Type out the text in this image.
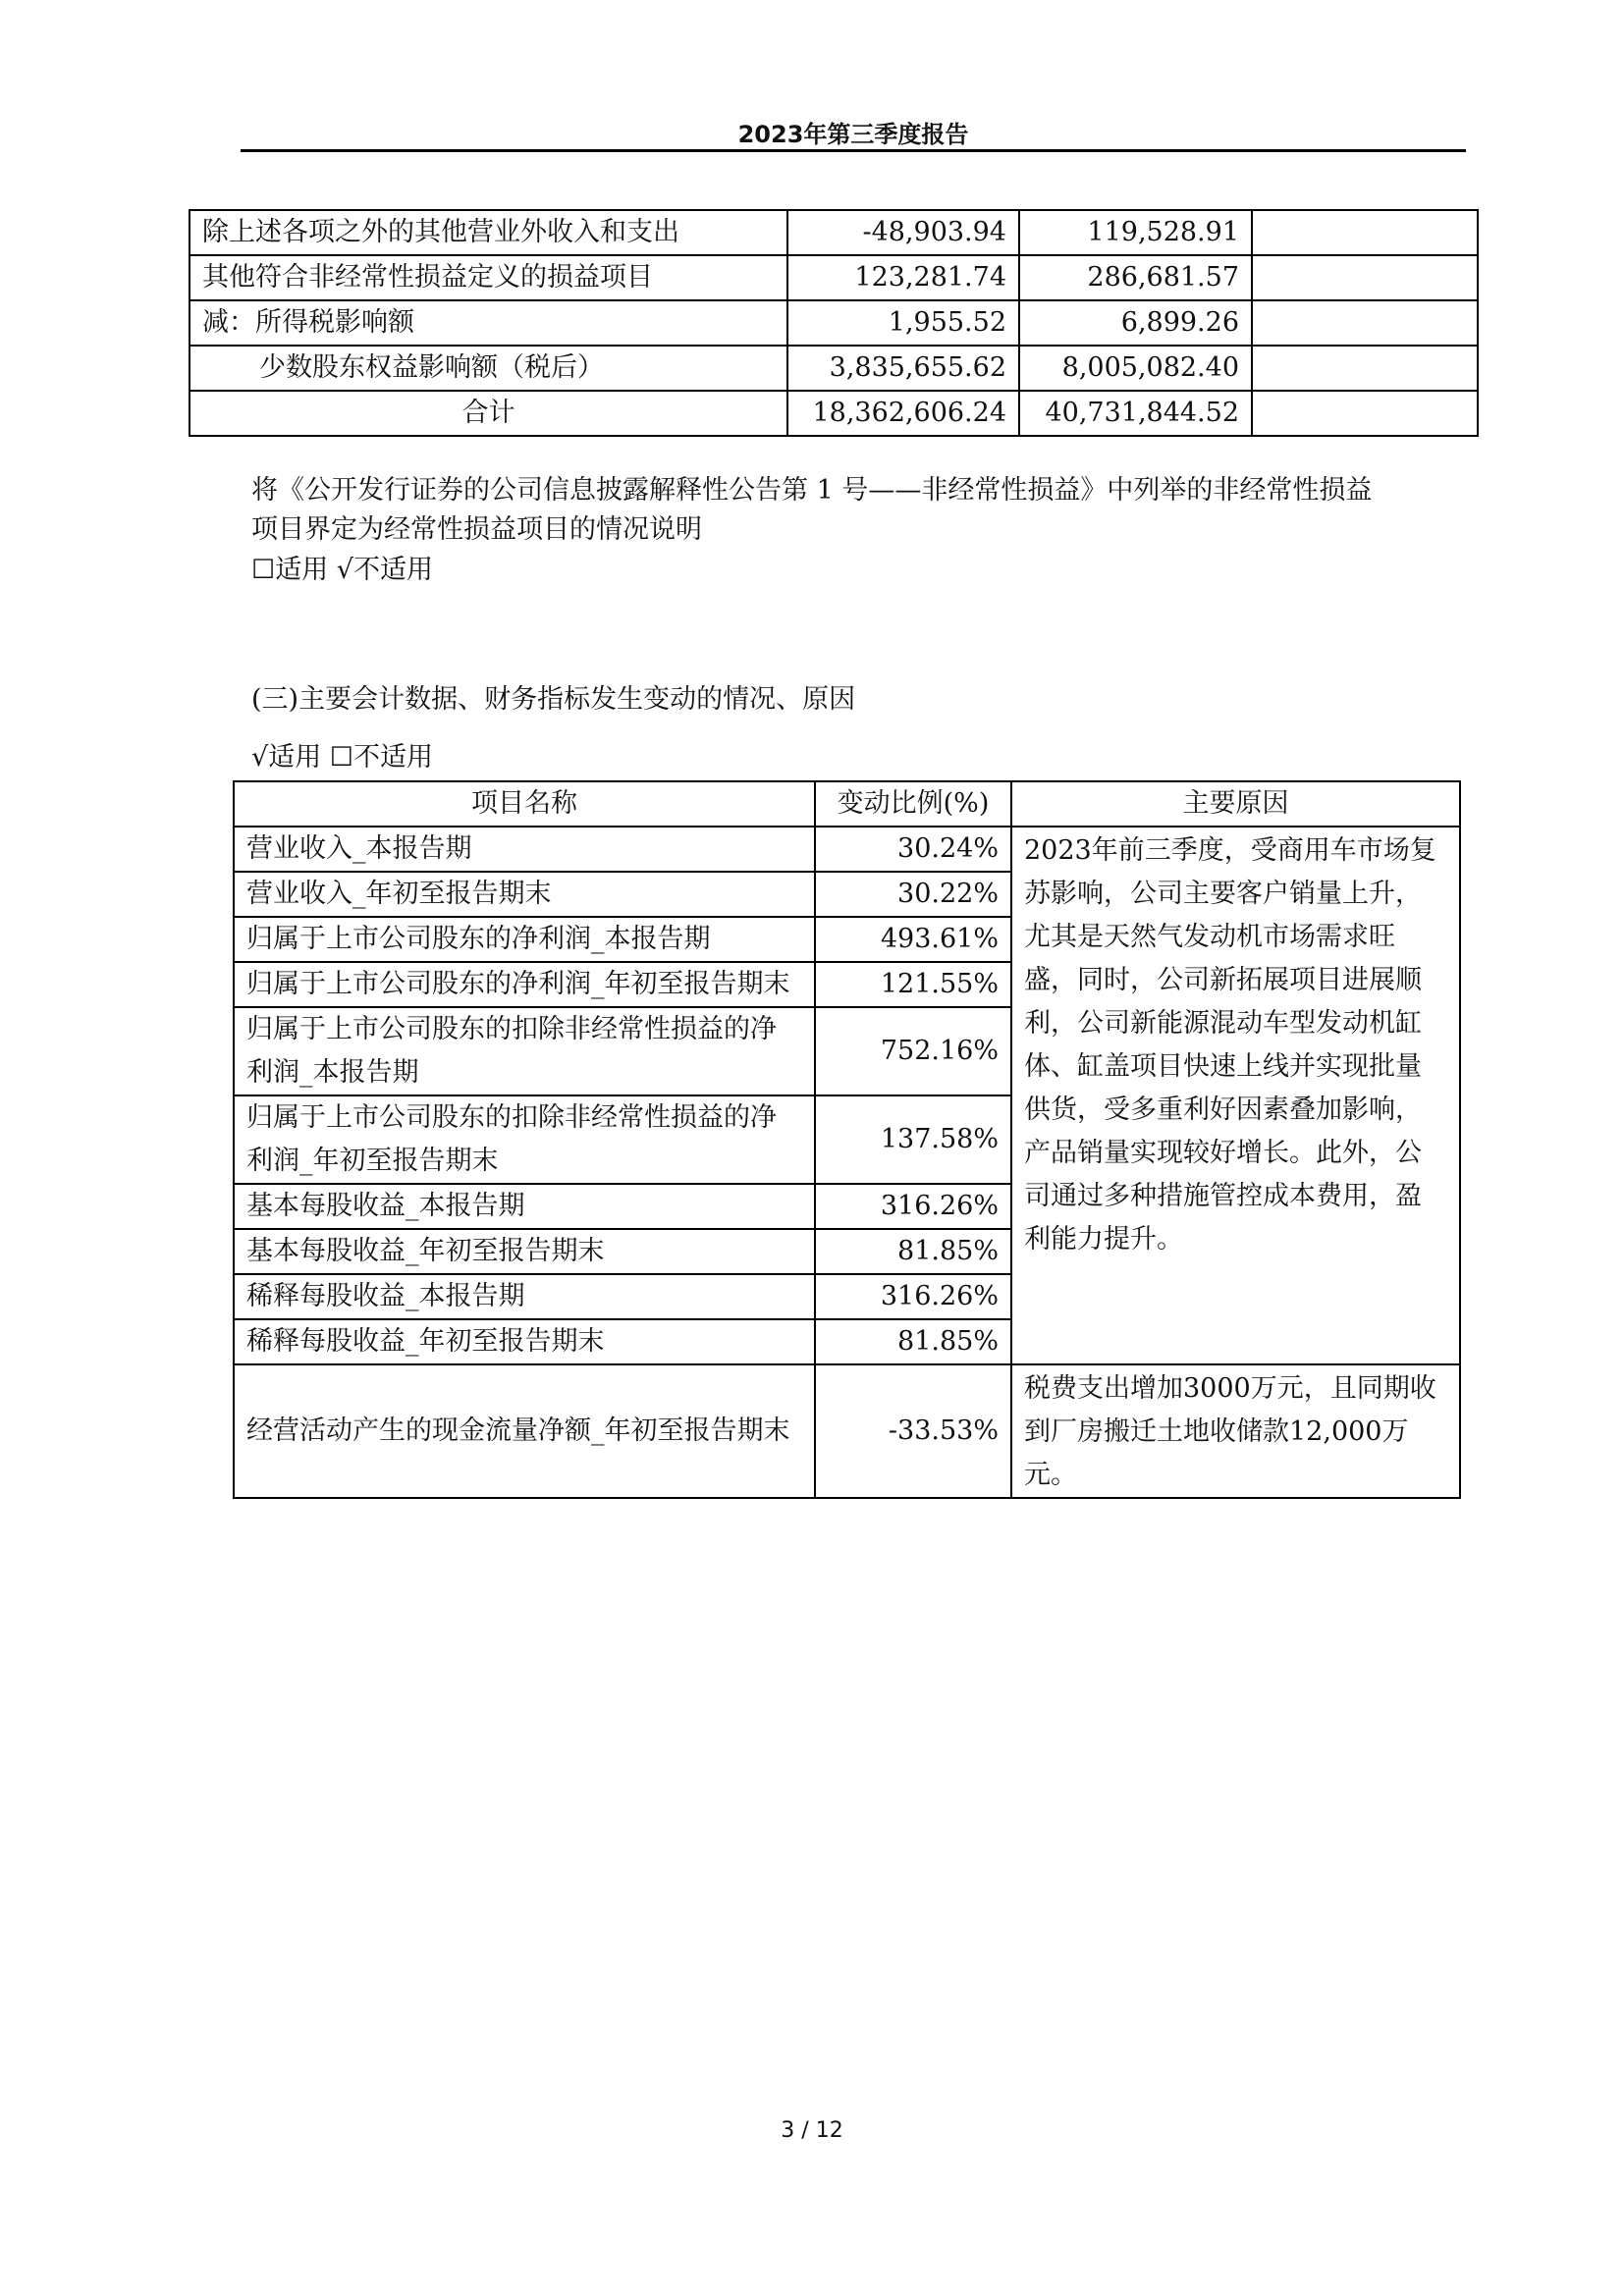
2023年第三季度报告
除上述各项之外的其他营业外收入和支出	-48,903.94	119,528.91	
其他符合非经常性损益定义的损益项目	123,281.74	286,681.57	
减：所得税影响额	1,955.52	6,899.26	
少数股东权益影响额（税后）	3,835,655.62	8,005,082.40	
合计	18,362,606.24	40,731,844.52	
将《公开发行证券的公司信息披露解释性公告第 1 号——非经常性损益》中列举的非经常性损益
项目界定为经常性损益项目的情况说明
☐适用 √不适用
(三)主要会计数据、财务指标发生变动的情况、原因
√适用 ☐不适用
项目名称	变动比例(%)	主要原因
营业收入_本报告期	30.24%	2023年前三季度，受商用车市场复苏影响，公司主要客户销量上升，尤其是天然气发动机市场需求旺盛，同时，公司新拓展项目进展顺利，公司新能源混动车型发动机缸体、缸盖项目快速上线并实现批量供货，受多重利好因素叠加影响，产品销量实现较好增长。此外，公司通过多种措施管控成本费用，盈利能力提升。
营业收入_年初至报告期末	30.22%	
归属于上市公司股东的净利润_本报告期	493.61%	
归属于上市公司股东的净利润_年初至报告期末	121.55%	
归属于上市公司股东的扣除非经常性损益的净利润_本报告期	752.16%	
归属于上市公司股东的扣除非经常性损益的净利润_年初至报告期末	137.58%	
基本每股收益_本报告期	316.26%	
基本每股收益_年初至报告期末	81.85%	
稀释每股收益_本报告期	316.26%	
稀释每股收益_年初至报告期末	81.85%	
经营活动产生的现金流量净额_年初至报告期末	-33.53%	税费支出增加3000万元，且同期收到厂房搬迁土地收储款12,000万元。
3 / 12
